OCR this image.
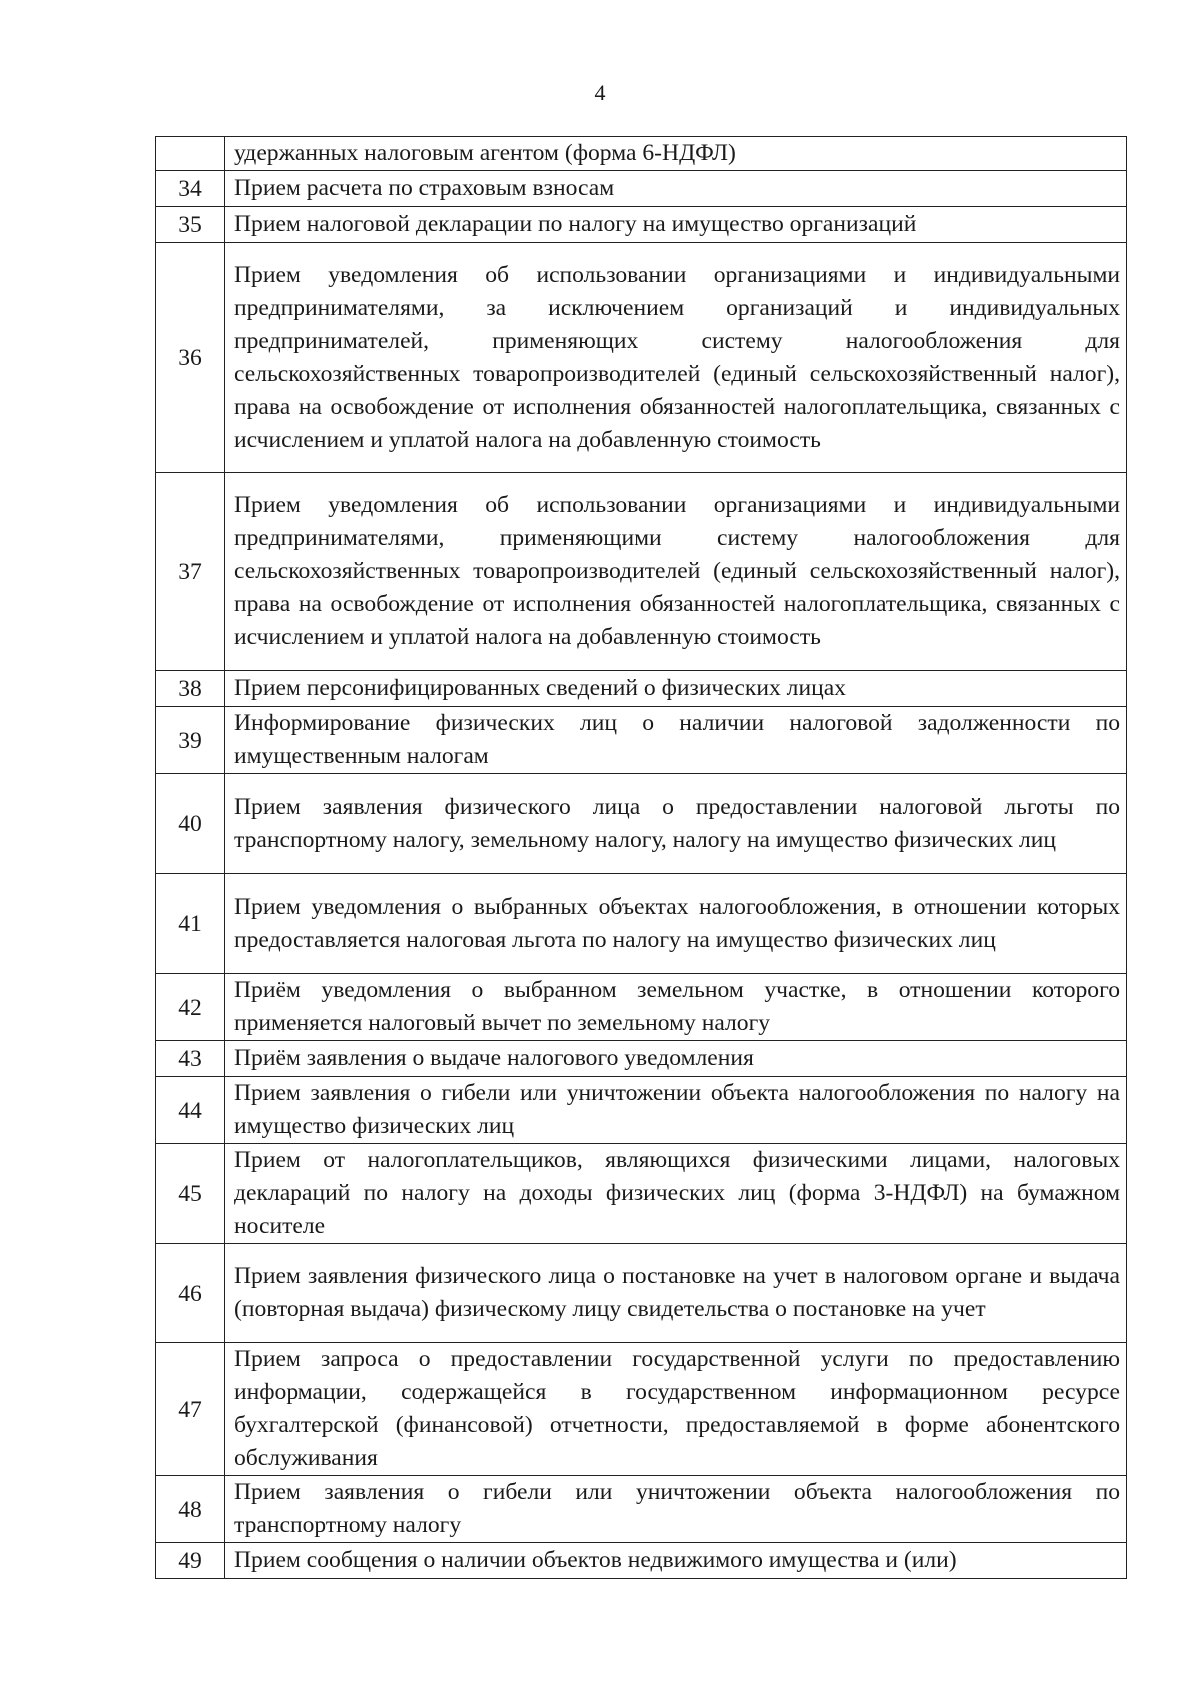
4
	удержанных налоговым агентом (форма 6-НДФЛ)
34	Прием расчета по страховым взносам
35	Прием налоговой декларации по налогу на имущество организаций
36	Прием уведомления об использовании организациями и индивидуальными предпринимателями, за исключением организаций и индивидуальных предпринимателей, применяющих систему налогообложения для сельскохозяйственных товаропроизводителей (единый сельскохозяйственный налог), права на освобождение от исполнения обязанностей налогоплательщика, связанных с исчислением и уплатой налога на добавленную стоимость
37	Прием уведомления об использовании организациями и индивидуальными предпринимателями, применяющими систему налогообложения для сельскохозяйственных товаропроизводителей (единый сельскохозяйственный налог), права на освобождение от исполнения обязанностей налогоплательщика, связанных с исчислением и уплатой налога на добавленную стоимость
38	Прием персонифицированных сведений о физических лицах
39	Информирование физических лиц о наличии налоговой задолженности по имущественным налогам
40	Прием заявления физического лица о предоставлении налоговой льготы по транспортному налогу, земельному налогу, налогу на имущество физических лиц
41	Прием уведомления о выбранных объектах налогообложения, в отношении которых предоставляется налоговая льгота по налогу на имущество физических лиц
42	Приём уведомления о выбранном земельном участке, в отношении которого применяется налоговый вычет по земельному налогу
43	Приём заявления о выдаче налогового уведомления
44	Прием заявления о гибели или уничтожении объекта налогообложения по налогу на имущество физических лиц
45	Прием от налогоплательщиков, являющихся физическими лицами, налоговых деклараций по налогу на доходы физических лиц (форма 3-НДФЛ) на бумажном носителе
46	Прием заявления физического лица о постановке на учет в налоговом органе и выдача (повторная выдача) физическому лицу свидетельства о постановке на учет
47	Прием запроса о предоставлении государственной услуги по предоставлению информации, содержащейся в государственном информационном ресурсе бухгалтерской (финансовой) отчетности, предоставляемой в форме абонентского обслуживания
48	Прием заявления о гибели или уничтожении объекта налогообложения по транспортному налогу
49	Прием сообщения о наличии объектов недвижимого имущества и (или)
